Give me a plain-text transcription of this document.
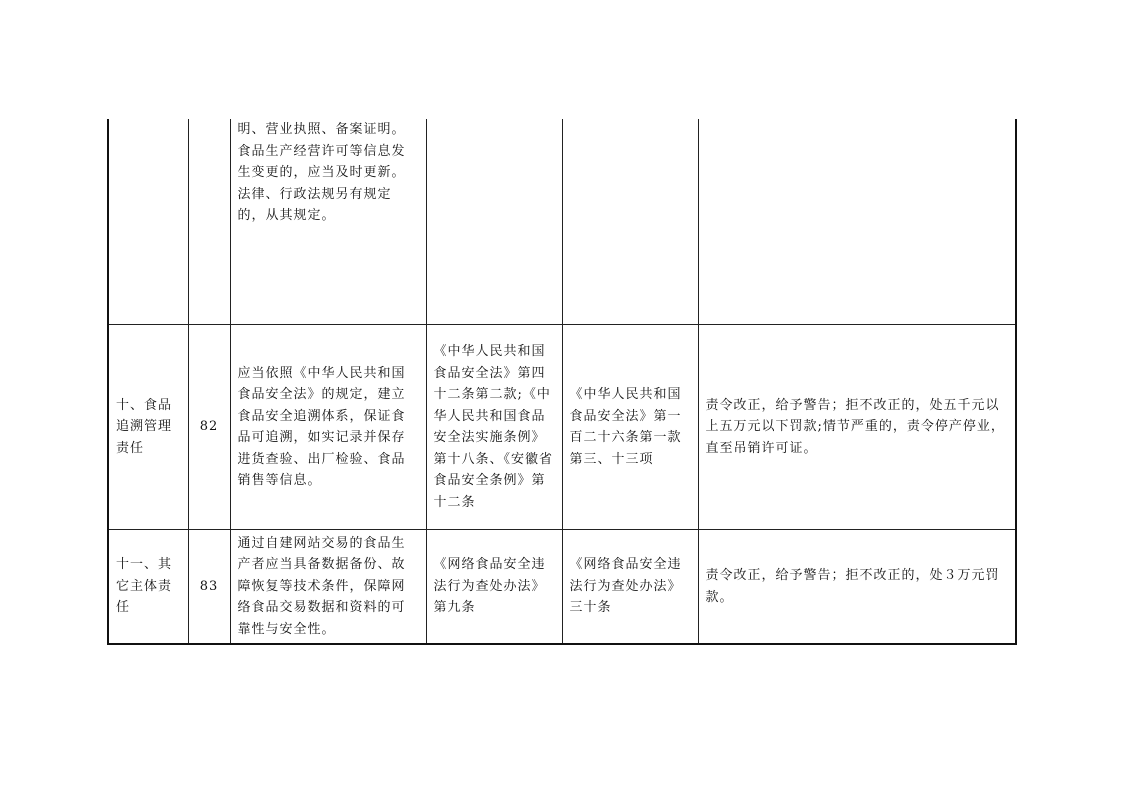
		明、营业执照、备案证明。食品生产经营许可等信息发生变更的，应当及时更新。法律、行政法规另有规定的，从其规定。			
十、食品追溯管理责任	82	应当依照《中华人民共和国食品安全法》的规定，建立食品安全追溯体系，保证食品可追溯，如实记录并保存进货查验、出厂检验、食品销售等信息。	《中华人民共和国食品安全法》第四十二条第二款;《中华人民共和国食品安全法实施条例》第十八条、《安徽省食品安全条例》第十二条	《中华人民共和国食品安全法》第一百二十六条第一款第三、十三项	责令改正，给予警告；拒不改正的，处五千元以上五万元以下罚款;情节严重的，责令停产停业，直至吊销许可证。
十一、其它主体责任	83	通过自建网站交易的食品生产者应当具备数据备份、故障恢复等技术条件，保障网络食品交易数据和资料的可靠性与安全性。	《网络食品安全违法行为查处办法》第九条	《网络食品安全违法行为查处办法》三十条	责令改正，给予警告；拒不改正的，处３万元罚款。
